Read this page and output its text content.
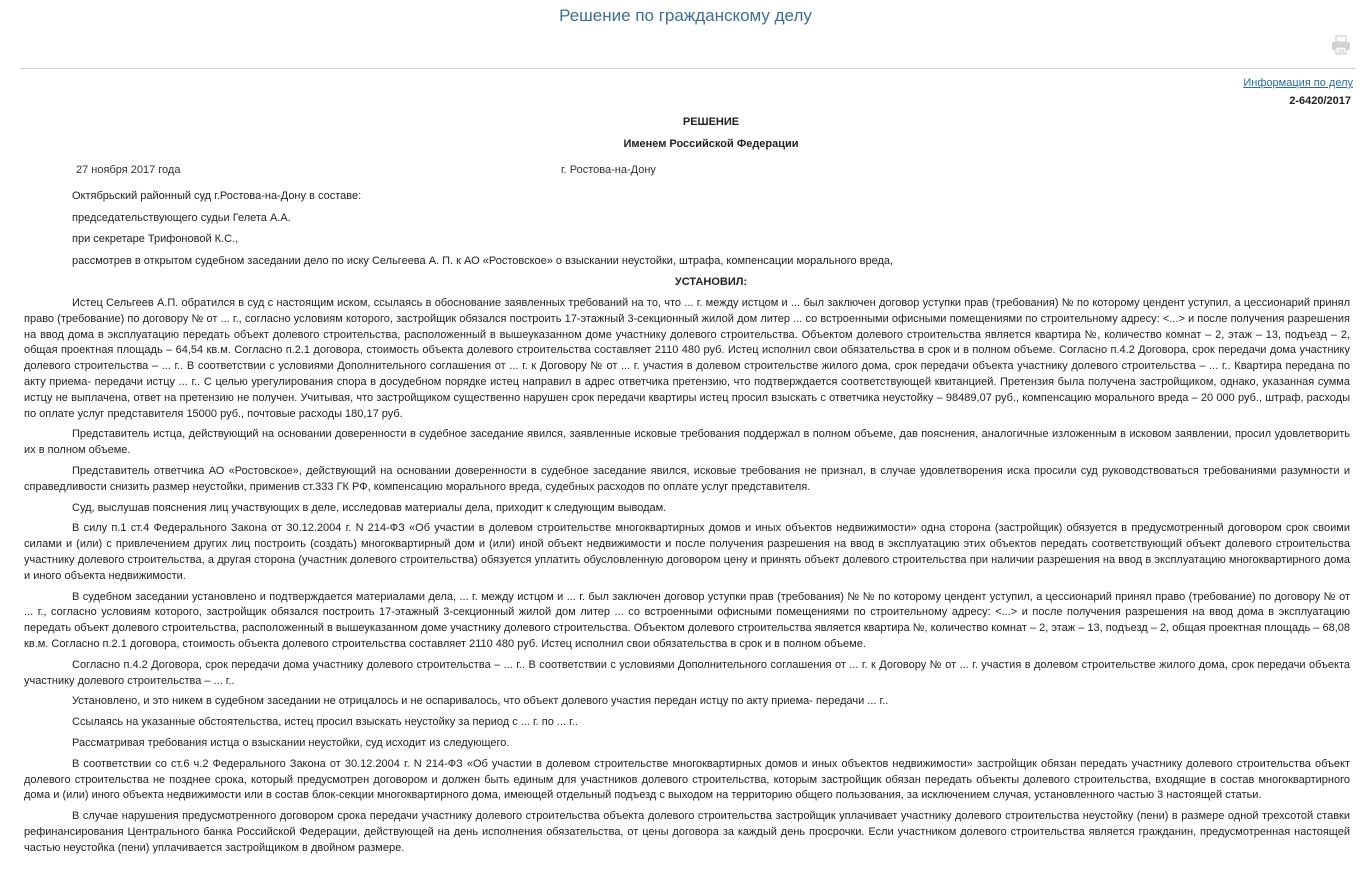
Решение по гражданскому делу
Информация по делу
2-6420/2017
РЕШЕНИЕ
Именем Российской Федерации
27 ноября 2017 года	г. Ростова-на-Дону
Октябрьский районный суд г.Ростова-на-Дону в составе:
председательствующего судьи Гелета А.А.
при секретаре Трифоновой К.С.,
рассмотрев в открытом судебном заседании дело по иску Сельгеева А. П. к АО «Ростовское» о взыскании неустойки, штрафа, компенсации морального вреда,
УСТАНОВИЛ:

Истец Сельгеев А.П. обратился в суд с настоящим иском, ссылаясь в обоснование заявленных требований на то, что ... г. между истцом и ... был заключен договор уступки прав (требования) № по которому цендент уступил, а цессионарий принял право (требование) по договору № от ... г., согласно условиям которого, застройщик обязался построить 17-этажный 3-секционный жилой дом литер ... со встроенными офисными помещениями по строительному адресу: <...> и после получения разрешения на ввод дома в эксплуатацию передать объект долевого строительства, расположенный в вышеуказанном доме участнику долевого строительства. Объектом долевого строительства является квартира №, количество комнат – 2, этаж – 13, подъезд – 2, общая проектная площадь – 64,54 кв.м. Согласно п.2.1 договора, стоимость объекта долевого строительства составляет 2110 480 руб. Истец исполнил свои обязательства в срок и в полном объеме. Согласно п.4.2 Договора, срок передачи дома участнику долевого строительства – ... г.. В соответствии с условиями Дополнительного соглашения от ... г. к Договору № от ... г. участия в долевом строительстве жилого дома, срок передачи объекта участнику долевого строительства – ... г.. Квартира передана по акту приема- передачи истцу ... г.. С целью урегулирования спора в досудебном порядке истец направил в адрес ответчика претензию, что подтверждается соответствующей квитанцией. Претензия была получена застройщиком, однако, указанная сумма истцу не выплачена, ответ на претензию не получен. Учитывая, что застройщиком существенно нарушен срок передачи квартиры истец просил взыскать с ответчика неустойку – 98489,07 руб., компенсацию морального вреда – 20 000 руб., штраф, расходы по оплате услуг представителя 15000 руб., почтовые расходы 180,17 руб.

Представитель истца, действующий на основании доверенности в судебное заседание явился, заявленные исковые требования поддержал в полном объеме, дав пояснения, аналогичные изложенным в исковом заявлении, просил удовлетворить их в полном объеме.

Представитель ответчика АО «Ростовское», действующий на основании доверенности в судебное заседание явился, исковые требования не признал, в случае удовлетворения иска просили суд руководствоваться требованиями разумности и справедливости снизить размер неустойки, применив ст.333 ГК РФ, компенсацию морального вреда, судебных расходов по оплате услуг представителя.

Суд, выслушав пояснения лиц участвующих в деле, исследовав материалы дела, приходит к следующим выводам.

В силу п.1 ст.4 Федерального Закона от 30.12.2004 г. N 214-ФЗ «Об участии в долевом строительстве многоквартирных домов и иных объектов недвижимости» одна сторона (застройщик) обязуется в предусмотренный договором срок своими силами и (или) с привлечением других лиц построить (создать) многоквартирный дом и (или) иной объект недвижимости и после получения разрешения на ввод в эксплуатацию этих объектов передать соответствующий объект долевого строительства участнику долевого строительства, а другая сторона (участник долевого строительства) обязуется уплатить обусловленную договором цену и принять объект долевого строительства при наличии разрешения на ввод в эксплуатацию многоквартирного дома и иного объекта недвижимости.

В судебном заседании установлено и подтверждается материалами дела, ... г. между истцом и ... г. был заключен договор уступки прав (требования) № № по которому цендент уступил, а цессионарий принял право (требование) по договору № от ... г., согласно условиям которого, застройщик обязался построить 17-этажный 3-секционный жилой дом литер ... со встроенными офисными помещениями по строительному адресу: <...> и после получения разрешения на ввод дома в эксплуатацию передать объект долевого строительства, расположенный в вышеуказанном доме участнику долевого строительства. Объектом долевого строительства является квартира №, количество комнат – 2, этаж – 13, подъезд – 2, общая проектная площадь – 68,08 кв.м. Согласно п.2.1 договора, стоимость объекта долевого строительства составляет 2110 480 руб. Истец исполнил свои обязательства в срок и в полном объеме.

Согласно п.4.2 Договора, срок передачи дома участнику долевого строительства – ... г.. В соответствии с условиями Дополнительного соглашения от ... г. к Договору № от ... г. участия в долевом строительстве жилого дома, срок передачи объекта участнику долевого строительства – ... г..

Установлено, и это никем в судебном заседании не отрицалось и не оспаривалось, что объект долевого участия передан истцу по акту приема- передачи ... г..

Ссылаясь на указанные обстоятельства, истец просил взыскать неустойку за период с ... г. по ... г..

Рассматривая требования истца о взыскании неустойки, суд исходит из следующего.

В соответствии со ст.6 ч.2 Федерального Закона от 30.12.2004 г. N 214-ФЗ «Об участии в долевом строительстве многоквартирных домов и иных объектов недвижимости» застройщик обязан передать участнику долевого строительства объект долевого строительства не позднее срока, который предусмотрен договором и должен быть единым для участников долевого строительства, которым застройщик обязан передать объекты долевого строительства, входящие в состав многоквартирного дома и (или) иного объекта недвижимости или в состав блок-секции многоквартирного дома, имеющей отдельный подъезд с выходом на территорию общего пользования, за исключением случая, установленного частью 3 настоящей статьи.

В случае нарушения предусмотренного договором срока передачи участнику долевого строительства объекта долевого строительства застройщик уплачивает участнику долевого строительства неустойку (пени) в размере одной трехсотой ставки рефинансирования Центрального банка Российской Федерации, действующей на день исполнения обязательства, от цены договора за каждый день просрочки. Если участником долевого строительства является гражданин, предусмотренная настоящей частью неустойка (пени) уплачивается застройщиком в двойном размере.
